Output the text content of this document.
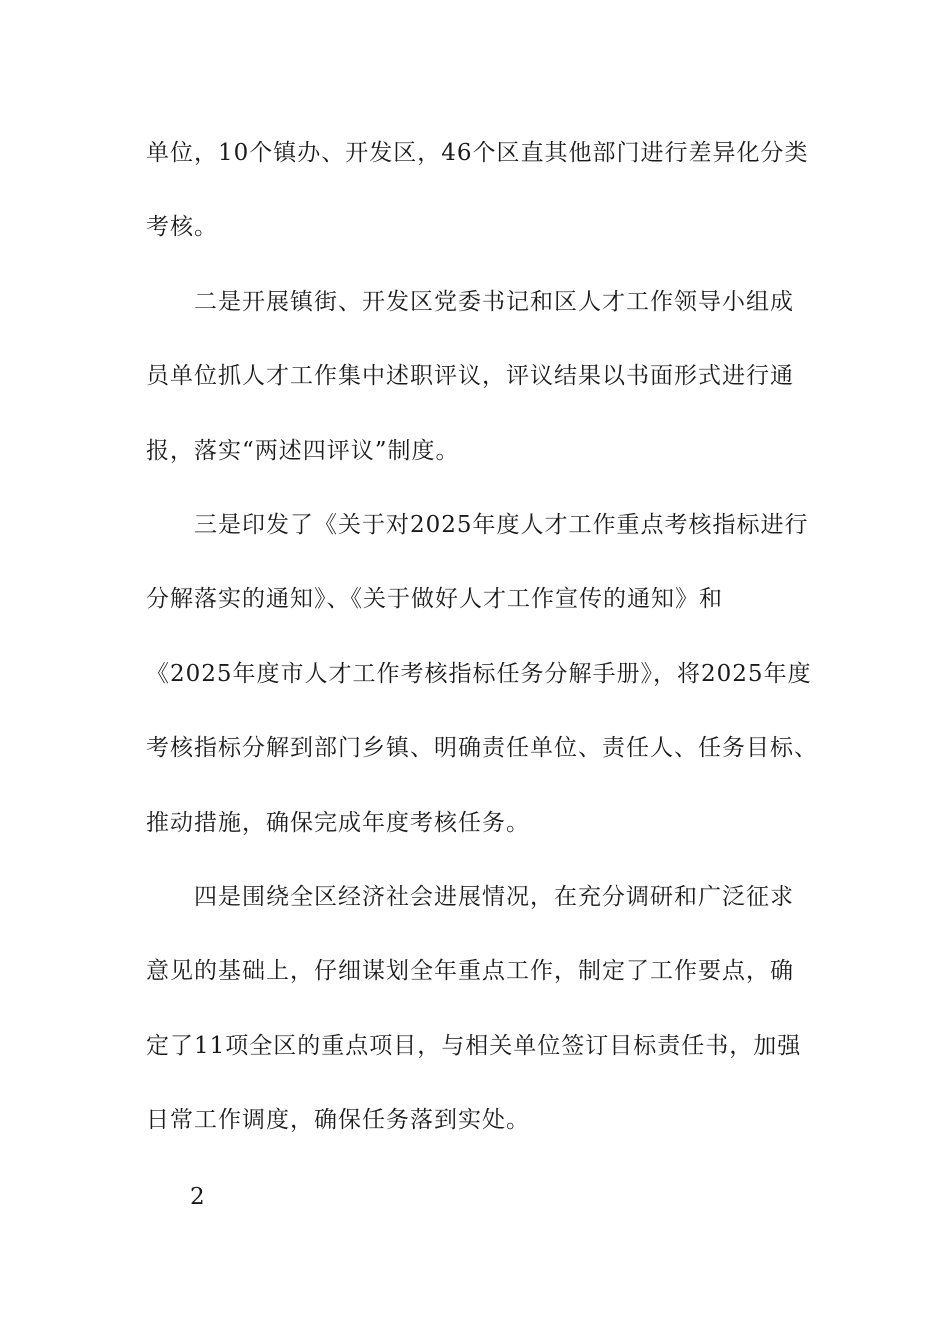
单位，10个镇办、开发区，46个区直其他部门进行差异化分类
考核。
二是开展镇街、开发区党委书记和区人才工作领导小组成
员单位抓人才工作集中述职评议，评议结果以书面形式进行通
报，落实“两述四评议”制度。
三是印发了《关于对2025年度人才工作重点考核指标进行
分解落实的通知》、《关于做好人才工作宣传的通知》和
《2025年度市人才工作考核指标任务分解手册》，将2025年度
考核指标分解到部门乡镇、明确责任单位、责任人、任务目标、
推动措施，确保完成年度考核任务。
四是围绕全区经济社会进展情况，在充分调研和广泛征求
意见的基础上，仔细谋划全年重点工作，制定了工作要点，确
定了11项全区的重点项目，与相关单位签订目标责任书，加强
日常工作调度，确保任务落到实处。
2
